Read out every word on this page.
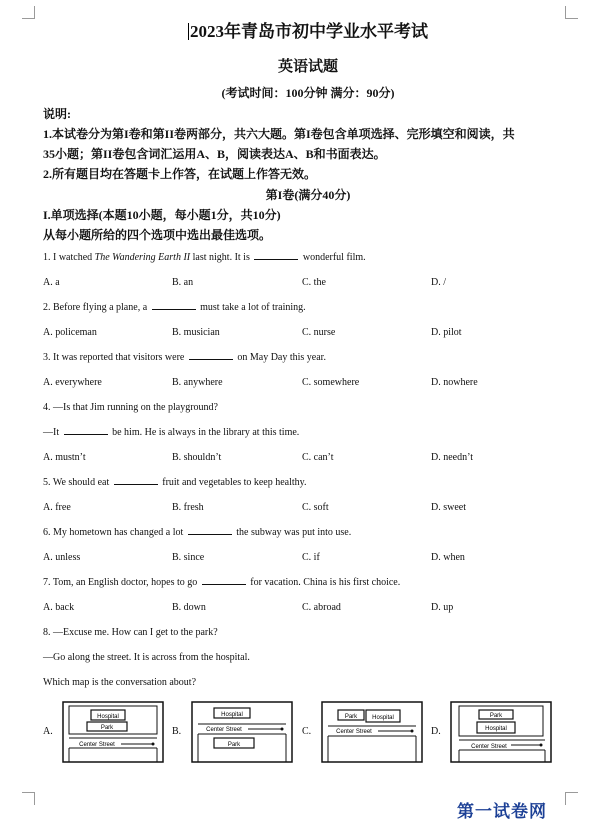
2023年青岛市初中学业水平考试
英语试题
(考试时间：100分钟 满分：90分)
说明:
1.本试卷分为第I卷和第II卷两部分，共六大题。第I卷包含单项选择、完形填空和阅读，共
35小题；第II卷包含词汇运用A、B，阅读表达A、B和书面表达。
2.所有题目均在答题卡上作答，在试题上作答无效。
第I卷(满分40分)
I.单项选择(本题10小题，每小题1分，共10分)
从每小题所给的四个选项中选出最佳选项。
1. I watched The Wandering Earth II last night. It is	wonderful film.
A. a	B. an	C. the	D. /
2. Before flying a plane, a	must take a lot of training.
A. policeman	B. musician	C. nurse	D. pilot
3. It was reported that visitors were	on May Day this year.
A. everywhere	B. anywhere	C. somewhere	D. nowhere
4. —Is that Jim running on the playground?
—It	be him. He is always in the library at this time.
A. mustn’t	B. shouldn’t	C. can’t	D. needn’t
5. We should eat	fruit and vegetables to keep healthy.
A. free	B. fresh	C. soft	D. sweet
6. My hometown has changed a lot	the subway was put into use.
A. unless	B. since	C. if	D. when
7. Tom, an English doctor, hopes to go	for vacation. China is his first choice.
A. back	B. down	C. abroad	D. up
8. —Excuse me. How can I get to the park?
—Go along the street. It is across from the hospital.
Which map is the conversation about?
A.
Hospital
Park
Center Street
B.
Hospital
Center Street
Park
C.
Park Hospital
Center Street	D.
Park
Hospital
Center Street
第一试卷网
